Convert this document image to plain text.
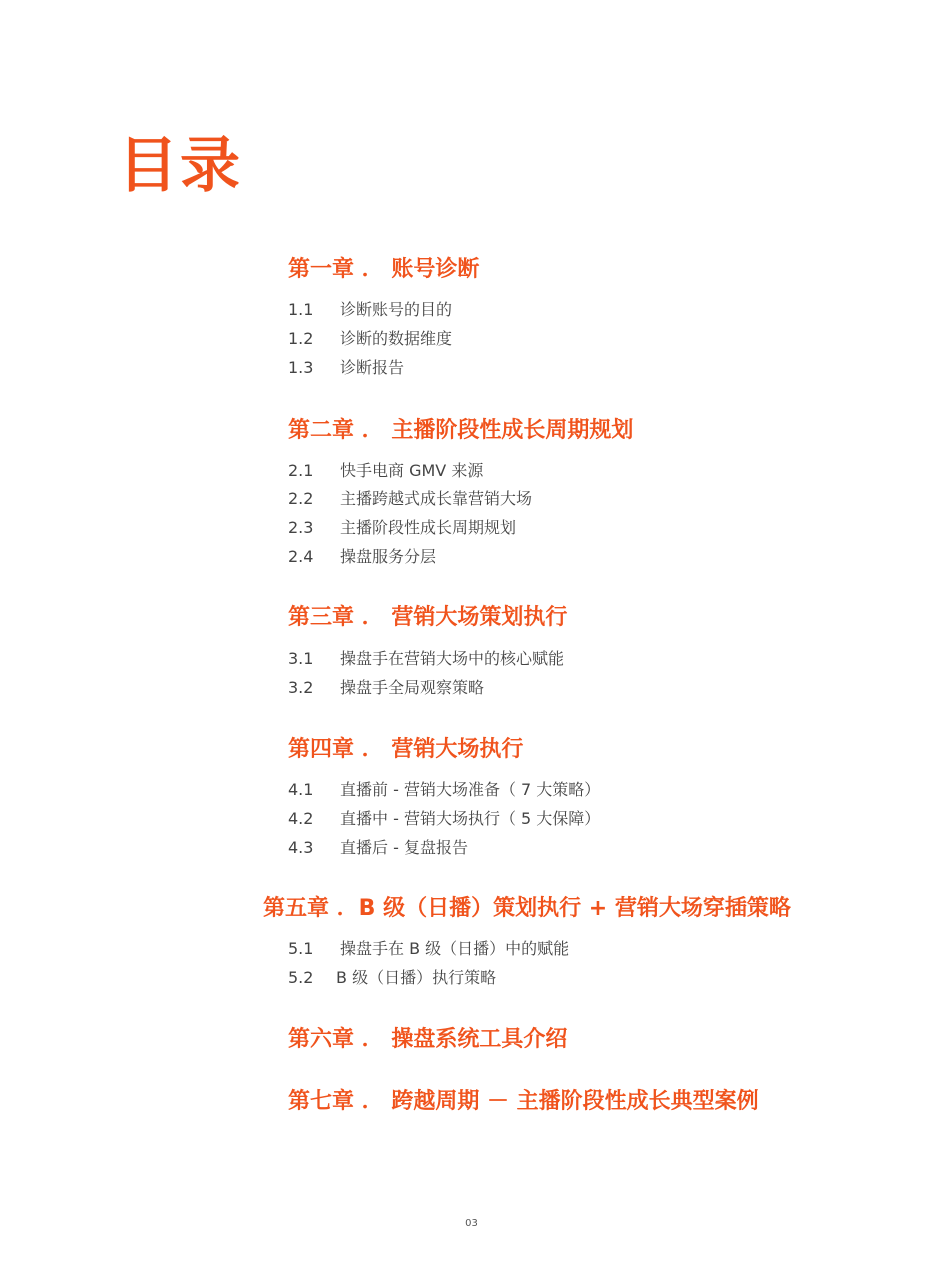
目录
第一章 ． 账号诊断
1.1 诊断账号的目的
1.2 诊断的数据维度
1.3 诊断报告
第二章 ． 主播阶段性成长周期规划
2.1 快手电商 GMV 来源
2.2 主播跨越式成长靠营销大场
2.3 主播阶段性成长周期规划
2.4 操盘服务分层
第三章 ． 营销大场策划执行
3.1 操盘手在营销大场中的核心赋能
3.2 操盘手全局观察策略
第四章 ． 营销大场执行
4.1 直播前 - 营销大场准备（ 7 大策略）
4.2 直播中 - 营销大场执行（ 5 大保障）
4.3 直播后 - 复盘报告
第五章 ．B 级（日播）策划执行 + 营销大场穿插策略
5.1 操盘手在 B 级（日播）中的赋能
5.2 B 级（日播）执行策略
第六章 ． 操盘系统工具介绍
第七章 ． 跨越周期 － 主播阶段性成长典型案例
03
